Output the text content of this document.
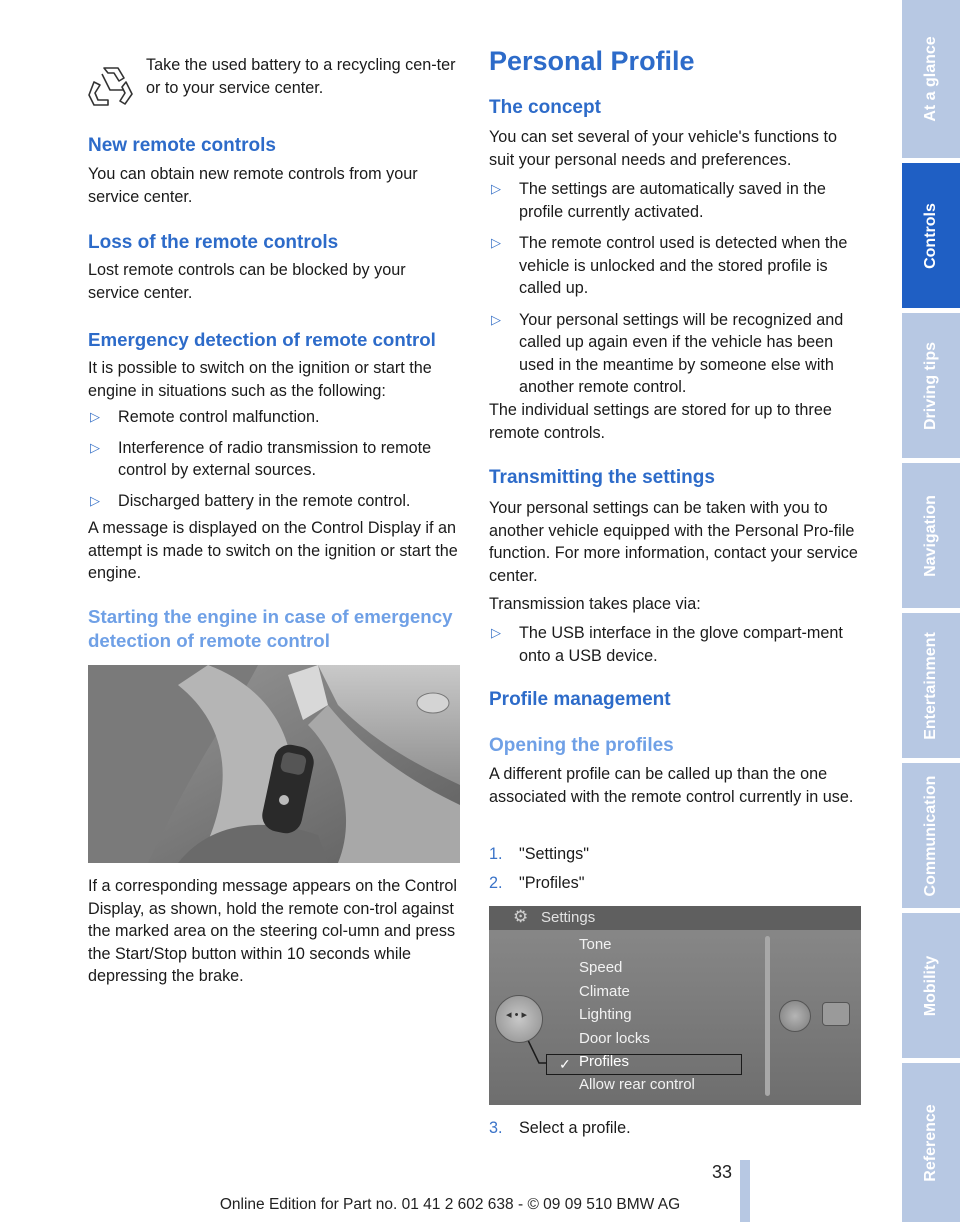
Take the used battery to a recycling cen-ter or to your service center.

New remote controls

You can obtain new remote controls from your service center.

Loss of the remote controls

Lost remote controls can be blocked by your service center.

Emergency detection of remote control

It is possible to switch on the ignition or start the engine in situations such as the following:

▷ Remote control malfunction.
▷ Interference of radio transmission to remote control by external sources.
▷ Discharged battery in the remote control.

A message is displayed on the Control Display if an attempt is made to switch on the ignition or start the engine.

Starting the engine in case of emergency detection of remote control

If a corresponding message appears on the Control Display, as shown, hold the remote con-trol against the marked area on the steering col-umn and press the Start/Stop button within 10 seconds while depressing the brake.

Personal Profile
The concept

You can set several of your vehicle's functions to suit your personal needs and preferences.

▷ The settings are automatically saved in the profile currently activated.
▷ The remote control used is detected when the vehicle is unlocked and the stored profile is called up.
▷ Your personal settings will be recognized and called up again even if the vehicle has been used in the meantime by someone else with another remote control.

The individual settings are stored for up to three remote controls.

Transmitting the settings

Your personal settings can be taken with you to another vehicle equipped with the Personal Pro-file function. For more information, contact your service center.

Transmission takes place via:

▷ The USB interface in the glove compart-ment onto a USB device.
Profile management
Opening the profiles

A different profile can be called up than the one associated with the remote control currently in use.

1. "Settings"
2. "Profiles"
⚙ Settings
Tone
Speed
Climate
Lighting
Door locks
Profiles
Allow rear control
✓
◂ • ▸
3. Select a profile.
At a glance
Controls
Driving tips
Navigation
Entertainment
Communication
Mobility
Reference
33
Online Edition for Part no. 01 41 2 602 638 - © 09 09 510 BMW AG
